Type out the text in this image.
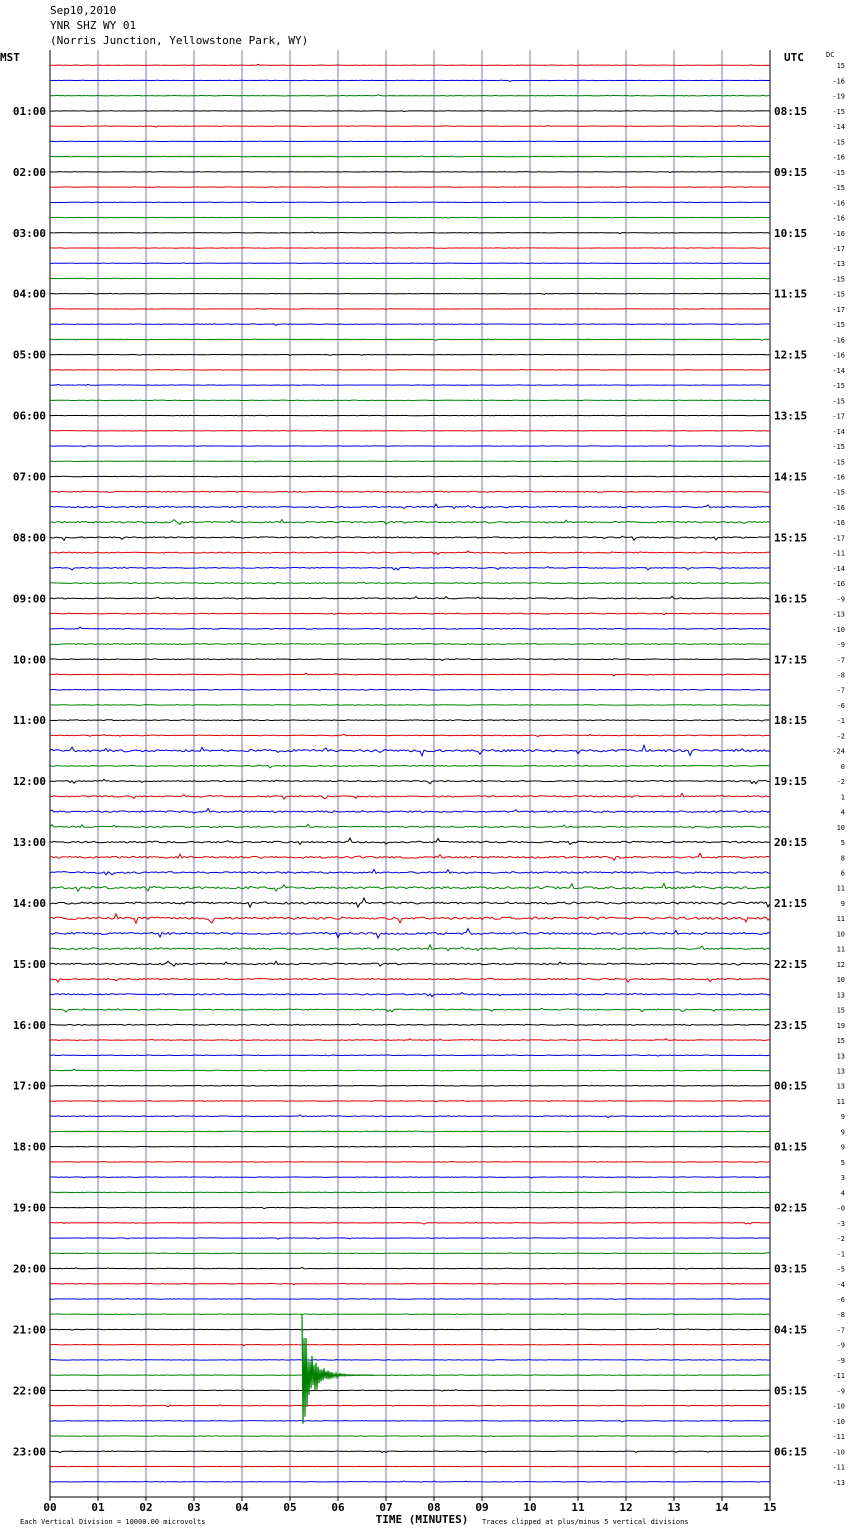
Sep10,2010
YNR SHZ WY 01
(Norris Junction, Yellowstone Park, WY)
01:00
02:00
03:00
04:00
05:00
06:00
07:00
08:00
09:00
10:00
11:00
12:00
13:00
14:00
15:00
16:00
17:00
18:00
19:00
20:00
21:00
22:00
23:00
08:15
09:15
10:15
11:15
12:15
13:15
14:15
15:15
16:15
17:15
18:15
19:15
20:15
21:15
22:15
23:15
00:15
01:15
02:15
03:15
04:15
05:15
06:15
MST	UTC	DC
15
-16
-19
-15
-14
-15
-16
-15
-15
-16
-16
-16
-17
-13
-15
-15
-17
-15
-16
-16
-14
-15
-15
-17
-14
-15
-15
-16
-15
-16
-16
-17
-11
-14
-16
-9
-13
-10
-9
-7
-8
-7
-6
-1
-2
-24
0
-2
1
4
10
5
8
6
11
9
11
10
11
12
10
13
15
19
15
13
13
13
11
9
9
9
5
3
4
-0
-3
-2
-1
-5
-4
-6
-8
-7
-9
-9
-11
-9
-10
-10
-11
-10
-11
-13
00	01	02	03	04	05	06	07	08	09	10	11	12	13	14	15
Each Vertical Division = 10000.00 microvolts	TIME (MINUTES) Traces clipped at plus/minus 5 vertical divisions
